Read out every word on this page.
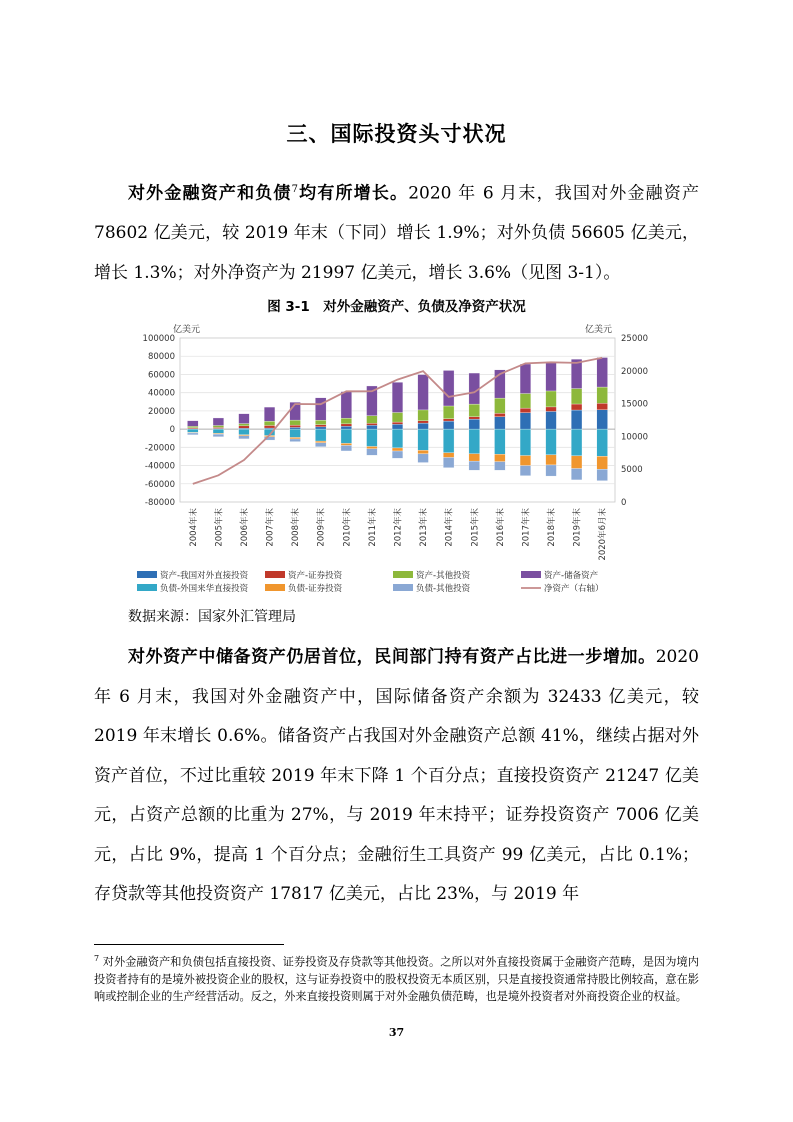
三、国际投资头寸状况
对外金融资产和负债$^7$均有所增长。2020 年 6 月末，我国对外金融资产 78602 亿美元，较 2019 年末（下同）增长 1.9%；对外负债 56605 亿美元，增长 1.3%；对外净资产为 21997 亿美元，增长 3.6%（见图 3-1）。
图 3-1　对外金融资产、负债及净资产状况
100000
80000
60000
40000
20000
0
-20000
-40000
-60000
-80000
25000
20000
15000
10000
5000
0
亿美元	亿美元
2004年末 2005年末 2006年末 2007年末 2008年末 2009年末 2010年末 2011年末 2012年末 2013年末 2014年末 2015年末 2016年末 2017年末 2018年末 2019年末 2020年6月末
资产-我国对外直接投资	资产-证券投资	资产-其他投资	资产-储备资产
负债-外国来华直接投资	负债-证券投资	负债-其他投资	净资产（右轴）
数据来源：国家外汇管理局
对外资产中储备资产仍居首位，民间部门持有资产占比进一步增加。2020 年 6 月末，我国对外金融资产中，国际储备资产余额为 32433 亿美元，较 2019 年末增长 0.6%。储备资产占我国对外金融资产总额 41%，继续占据对外资产首位，不过比重较 2019 年末下降 1 个百分点；直接投资资产 21247 亿美元，占资产总额的比重为 27%，与 2019 年末持平；证券投资资产 7006 亿美元，占比 9%，提高 1 个百分点；金融衍生工具资产 99 亿美元，占比 0.1%；存贷款等其他投资资产 17817 亿美元，占比 23%，与 2019 年
$^7$ 对外金融资产和负债包括直接投资、证券投资及存贷款等其他投资。之所以对外直接投资属于金融资产范畴，是因为境内投资者持有的是境外被投资企业的股权，这与证券投资中的股权投资无本质区别，只是直接投资通常持股比例较高，意在影响或控制企业的生产经营活动。反之，外来直接投资则属于对外金融负债范畴，也是境外投资者对外商投资企业的权益。
37
